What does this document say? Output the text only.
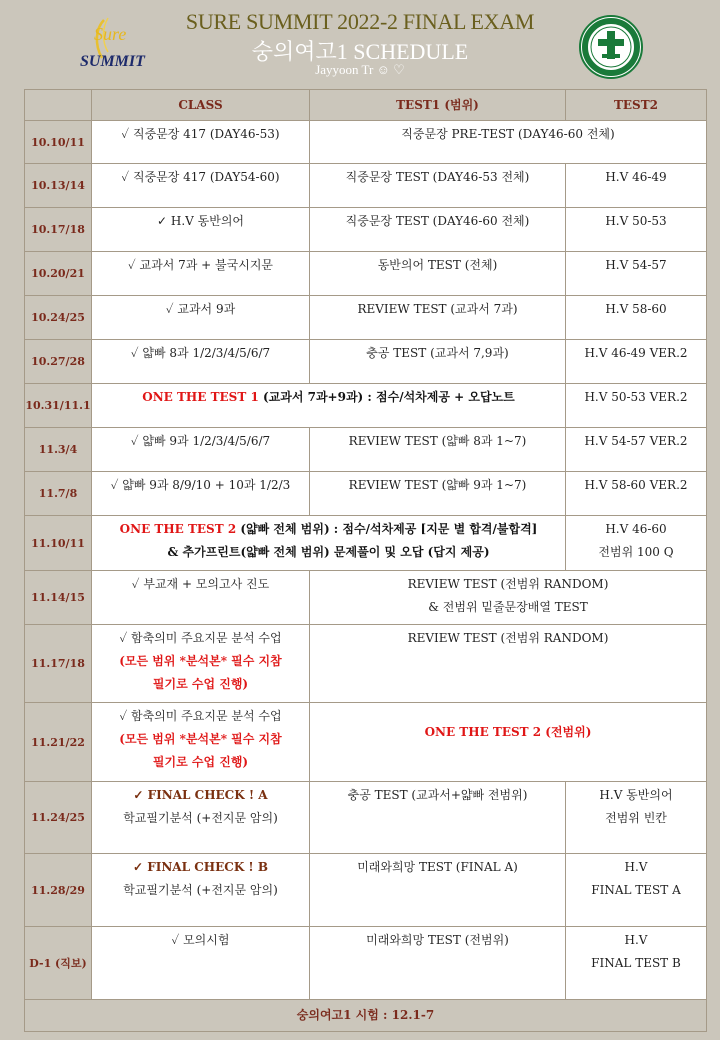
Sure
SUMMIT
SURE SUMMIT 2022-2 FINAL EXAM
숭의여고1 SCHEDULE
Jayyoon Tr ☺ ♡
	CLASS	TEST1 (범위)	TEST2
10.10/11	✓ 직중문장 417 (DAY46-53)	직중문장 PRE-TEST (DAY46-60 전체)	
10.13/14	✓ 직중문장 417 (DAY54-60)	직중문장 TEST (DAY46-53 전체)	H.V 46-49
10.17/18	✓ H.V 동반의어	직중문장 TEST (DAY46-60 전체)	H.V 50-53
10.20/21	✓ 교과서 7과 + 불국시지문	동반의어 TEST (전체)	H.V 54-57
10.24/25	✓ 교과서 9과	REVIEW TEST (교과서 7과)	H.V 58-60
10.27/28	✓ 얇빠 8과 1/2/3/4/5/6/7	충공 TEST (교과서 7,9과)	H.V 46-49 VER.2
10.31/11.1	ONE THE TEST 1 (교과서 7과+9과) : 점수/석차제공 + 오답노트		H.V 50-53 VER.2
11.3/4	✓ 얇빠 9과 1/2/3/4/5/6/7	REVIEW TEST (얇빠 8과 1~7)	H.V 54-57 VER.2
11.7/8	✓ 얇빠 9과 8/9/10 + 10과 1/2/3	REVIEW TEST (얇빠 9과 1~7)	H.V 58-60 VER.2
11.10/11	ONE THE TEST 2 (얇빠 전체 범위) : 점수/석차제공 [지문 별 합격/불합격]
& 추가프린트(얇빠 전체 범위) 문제풀이 및 오답 (답지 제공)		H.V 46-60
전범위 100 Q

11.14/15	✓ 부교재 + 모의고사 진도	REVIEW TEST (전범위 RANDOM)
& 전범위 밑줄문장배열 TEST	

11.17/18	✓ 함축의미 주요지문 분석 수업
(모든 범위 *분석본* 필수 지참
필기로 수업 진행)	REVIEW TEST (전범위 RANDOM)	
11.21/22	✓ 함축의미 주요지문 분석 수업
(모든 범위 *분석본* 필수 지참
필기로 수업 진행)	ONE THE TEST 2 (전범위)	
11.24/25	✓ FINAL CHECK ! A
학교필기분석 (+전지문 암의)	충공 TEST (교과서+얇빠 전범위)	H.V 동반의어
전범위 빈칸

11.28/29	✓ FINAL CHECK ! B
학교필기분석 (+전지문 암의)	미래와희망 TEST (FINAL A)	H.V
FINAL TEST A

D-1 (직보)	✓ 모의시험	미래와희망 TEST (전범위)	H.V
FINAL TEST B

숭의여고1 시험 : 12.1-7			
